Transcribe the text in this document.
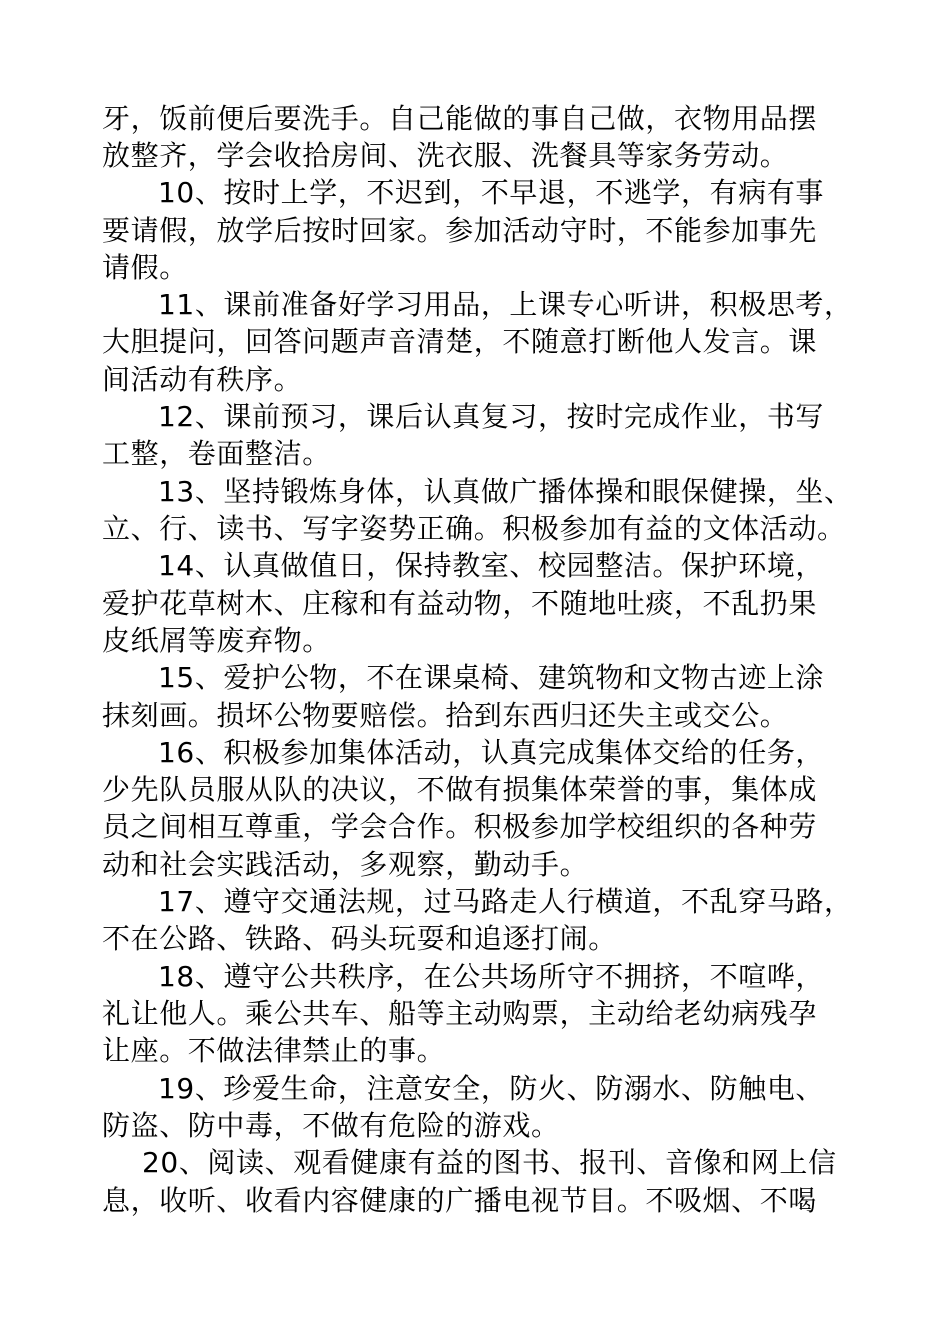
牙，饭前便后要洗手。自己能做的事自己做，衣物用品摆
放整齐，学会收拾房间、洗衣服、洗餐具等家务劳动。
10、按时上学，不迟到，不早退，不逃学，有病有事
要请假，放学后按时回家。参加活动守时，不能参加事先
请假。
11、课前准备好学习用品，上课专心听讲，积极思考，
大胆提问，回答问题声音清楚，不随意打断他人发言。课
间活动有秩序。
12、课前预习，课后认真复习，按时完成作业，书写
工整，卷面整洁。
13、坚持锻炼身体，认真做广播体操和眼保健操，坐、
立、行、读书、写字姿势正确。积极参加有益的文体活动。
14、认真做值日，保持教室、校园整洁。保护环境，
爱护花草树木、庄稼和有益动物，不随地吐痰，不乱扔果
皮纸屑等废弃物。
15、爱护公物，不在课桌椅、建筑物和文物古迹上涂
抹刻画。损坏公物要赔偿。拾到东西归还失主或交公。
16、积极参加集体活动，认真完成集体交给的任务，
少先队员服从队的决议，不做有损集体荣誉的事，集体成
员之间相互尊重，学会合作。积极参加学校组织的各种劳
动和社会实践活动，多观察，勤动手。
17、遵守交通法规，过马路走人行横道，不乱穿马路，
不在公路、铁路、码头玩耍和追逐打闹。
18、遵守公共秩序，在公共场所守不拥挤，不喧哗，
礼让他人。乘公共车、船等主动购票，主动给老幼病残孕
让座。不做法律禁止的事。
19、珍爱生命，注意安全，防火、防溺水、防触电、
防盗、防中毒，不做有危险的游戏。
20、阅读、观看健康有益的图书、报刊、音像和网上信
息，收听、收看内容健康的广播电视节目。不吸烟、不喝
